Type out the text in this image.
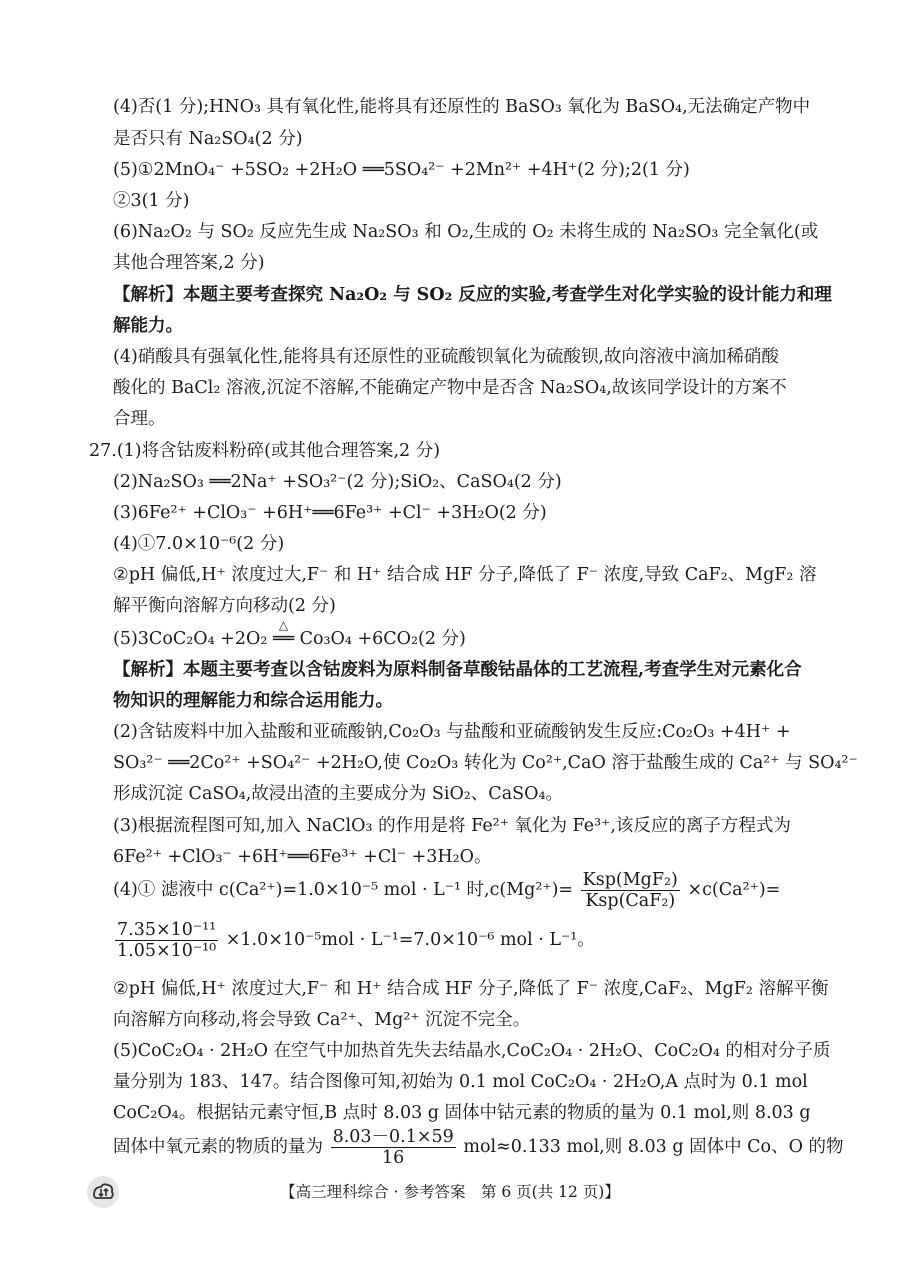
(4)否(1 分);HNO₃ 具有氧化性,能将具有还原性的 BaSO₃ 氧化为 BaSO₄,无法确定产物中
是否只有 Na₂SO₄(2 分)
(5)①2MnO₄⁻ +5SO₂ +2H₂O ══5SO₄²⁻ +2Mn²⁺ +4H⁺(2 分);2(1 分)
②3(1 分)
(6)Na₂O₂ 与 SO₂ 反应先生成 Na₂SO₃ 和 O₂,生成的 O₂ 未将生成的 Na₂SO₃ 完全氧化(或
其他合理答案,2 分)
【解析】本题主要考查探究 Na₂O₂ 与 SO₂ 反应的实验,考查学生对化学实验的设计能力和理
解能力。
(4)硝酸具有强氧化性,能将具有还原性的亚硫酸钡氧化为硫酸钡,故向溶液中滴加稀硝酸
酸化的 BaCl₂ 溶液,沉淀不溶解,不能确定产物中是否含 Na₂SO₄,故该同学设计的方案不
合理。
27.(1)将含钴废料粉碎(或其他合理答案,2 分)
(2)Na₂SO₃ ══2Na⁺ +SO₃²⁻(2 分);SiO₂、CaSO₄(2 分)
(3)6Fe²⁺ +ClO₃⁻ +6H⁺══6Fe³⁺ +Cl⁻ +3H₂O(2 分)
(4)①7.0×10⁻⁶(2 分)
②pH 偏低,H⁺ 浓度过大,F⁻ 和 H⁺ 结合成 HF 分子,降低了 F⁻ 浓度,导致 CaF₂、MgF₂ 溶
解平衡向溶解方向移动(2 分)
(5)3CoC₂O₄ +2O₂
△
══ Co₃O₄ +6CO₂(2 分)
【解析】本题主要考查以含钴废料为原料制备草酸钴晶体的工艺流程,考查学生对元素化合
物知识的理解能力和综合运用能力。
(2)含钴废料中加入盐酸和亚硫酸钠,Co₂O₃ 与盐酸和亚硫酸钠发生反应:Co₂O₃ +4H⁺ +
SO₃²⁻ ══2Co²⁺ +SO₄²⁻ +2H₂O,使 Co₂O₃ 转化为 Co²⁺,CaO 溶于盐酸生成的 Ca²⁺ 与 SO₄²⁻
形成沉淀 CaSO₄,故浸出渣的主要成分为 SiO₂、CaSO₄。
(3)根据流程图可知,加入 NaClO₃ 的作用是将 Fe²⁺ 氧化为 Fe³⁺,该反应的离子方程式为
6Fe²⁺ +ClO₃⁻ +6H⁺══6Fe³⁺ +Cl⁻ +3H₂O。
(4)① 滤液中 c(Ca²⁺)=1.0×10⁻⁵ mol · L⁻¹ 时$,c(Mg^{2+})= \frac{\text{Ksp(MgF₂)}}{\text{Ksp(CaF₂)}} \times c(Ca^{2+})=$
$\frac{\text{7.35×10⁻¹¹}}{\text{1.05×10⁻¹⁰}} \times 1.0\times 10^{-5}mol \cdot L^{-1}=7.0\times 10^{-6}$ mol · L⁻¹。
②pH 偏低,H⁺ 浓度过大,F⁻ 和 H⁺ 结合成 HF 分子,降低了 F⁻ 浓度,CaF₂、MgF₂ 溶解平衡
向溶解方向移动,将会导致 Ca²⁺、Mg²⁺ 沉淀不完全。
(5)CoC₂O₄ · 2H₂O 在空气中加热首先失去结晶水,CoC₂O₄ · 2H₂O、CoC₂O₄ 的相对分子质
量分别为 183、147。结合图像可知,初始为 0.1 mol CoC₂O₄ · 2H₂O,A 点时为 0.1 mol
CoC₂O₄。根据钴元素守恒,B 点时 8.03 g 固体中钴元素的物质的量为 0.1 mol,则 8.03 g
固体中氧元素的物质的量为 $\frac{8.03-0.1\times 59}{16} mol\approx 0.133$ mol,则 8.03 g 固体中 Co、O 的物
【高三理科综合 · 参考答案　第 6 页(共 12 页)】
